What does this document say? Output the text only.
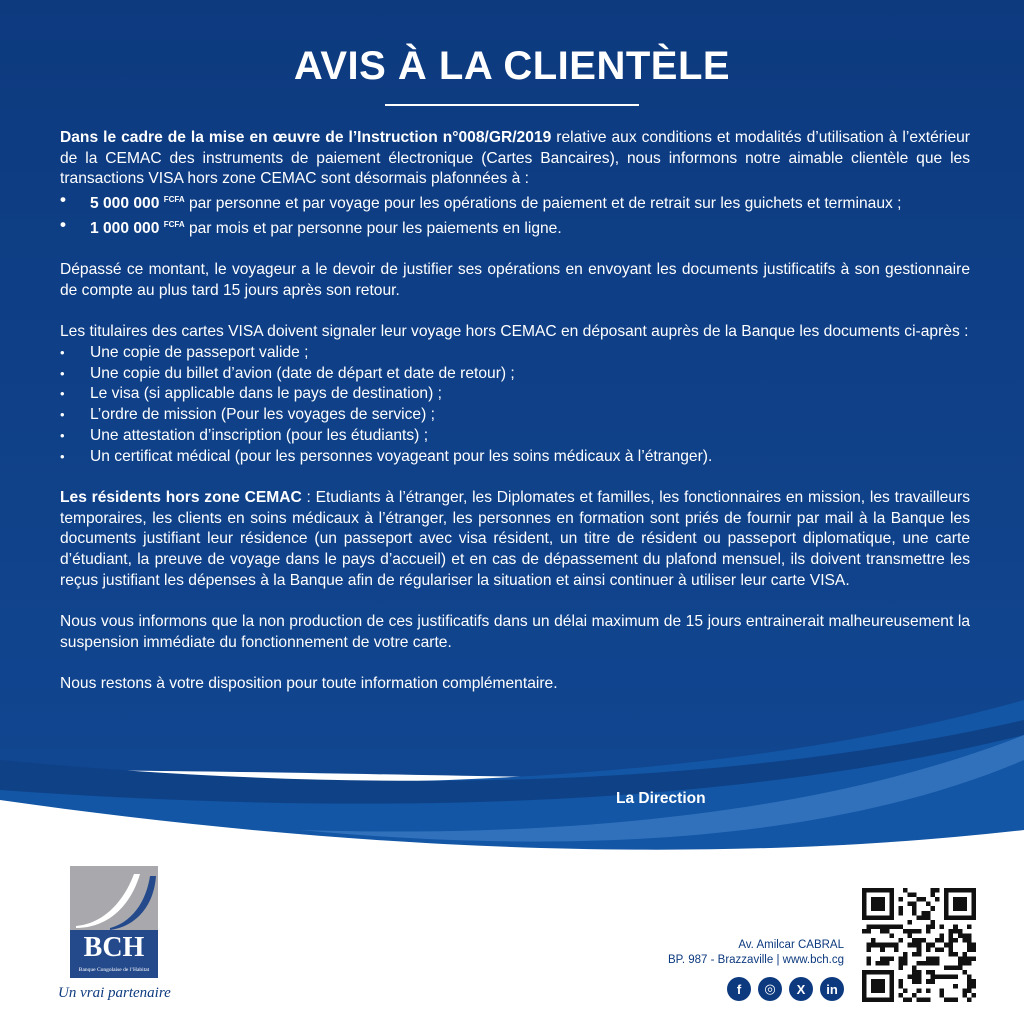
AVIS À LA CLIENTÈLE

Dans le cadre de la mise en œuvre de l’Instruction n°008/GR/2019 relative aux conditions et modalités d’utilisation à l’extérieur de la CEMAC des instruments de paiement électronique (Cartes Bancaires), nous informons notre aimable clientèle que les transactions VISA hors zone CEMAC sont désormais plafonnées à :

• 5 000 000 $^{FCFA}$ par personne et par voyage pour les opérations de paiement et de retrait sur les guichets et terminaux ;
• 1 000 000 $^{FCFA}$ par mois et par personne pour les paiements en ligne.

Dépassé ce montant, le voyageur a le devoir de justifier ses opérations en envoyant les documents justificatifs à son gestionnaire de compte au plus tard 15 jours après son retour.

Les titulaires des cartes VISA doivent signaler leur voyage hors CEMAC en déposant auprès de la Banque les documents ci-après :

• Une copie de passeport valide ;
• Une copie du billet d’avion (date de départ et date de retour) ;
• Le visa (si applicable dans le pays de destination) ;
• L’ordre de mission (Pour les voyages de service) ;
• Une attestation d’inscription (pour les étudiants) ;
• Un certificat médical (pour les personnes voyageant pour les soins médicaux à l’étranger).

Les résidents hors zone CEMAC : Etudiants à l’étranger, les Diplomates et familles, les fonctionnaires en mission, les travailleurs temporaires, les clients en soins médicaux à l’étranger, les personnes en formation sont priés de fournir par mail à la Banque les documents justifiant leur résidence (un passeport avec visa résident, un titre de résident ou passeport diplomatique, une carte d’étudiant, la preuve de voyage dans le pays d’accueil) et en cas de dépassement du plafond mensuel, ils doivent transmettre les reçus justifiant les dépenses à la Banque afin de régulariser la situation et ainsi continuer à utiliser leur carte VISA.

Nous vous informons que la non production de ces justificatifs dans un délai maximum de 15 jours entrainerait malheureusement la suspension immédiate du fonctionnement de votre carte.

Nous restons à votre disposition pour toute information complémentaire.

La Direction
BCH
Banque Congolaise de l’Habitat
Un vrai partenaire
Av. Amilcar CABRAL
BP. 987 - Brazzaville | www.bch.cg
f	◎	X	in
